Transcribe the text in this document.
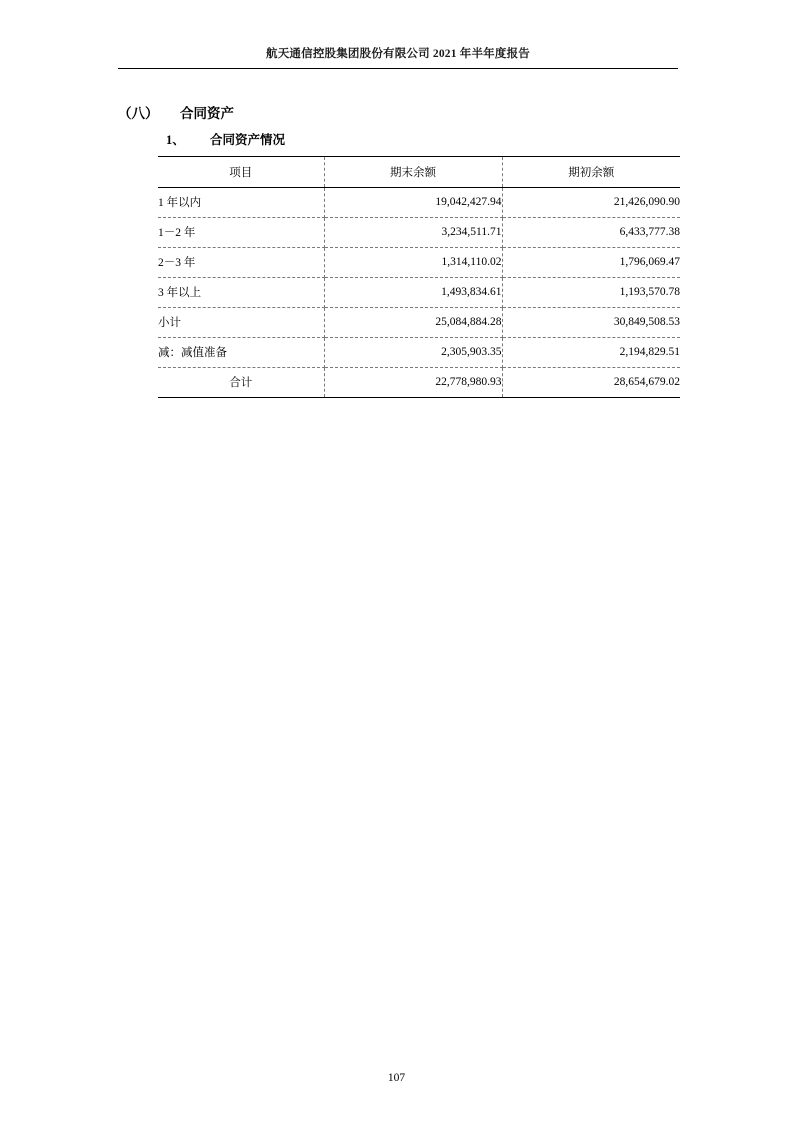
航天通信控股集团股份有限公司 2021 年半年度报告
（八） 合同资产
1、 合同资产情况
项目	期末余额	期初余额
1 年以内	19,042,427.94	21,426,090.90
1－2 年	3,234,511.71	6,433,777.38
2－3 年	1,314,110.02	1,796,069.47
3 年以上	1,493,834.61	1,193,570.78
小计	25,084,884.28	30,849,508.53
减：减值准备	2,305,903.35	2,194,829.51
合计	22,778,980.93	28,654,679.02
107
